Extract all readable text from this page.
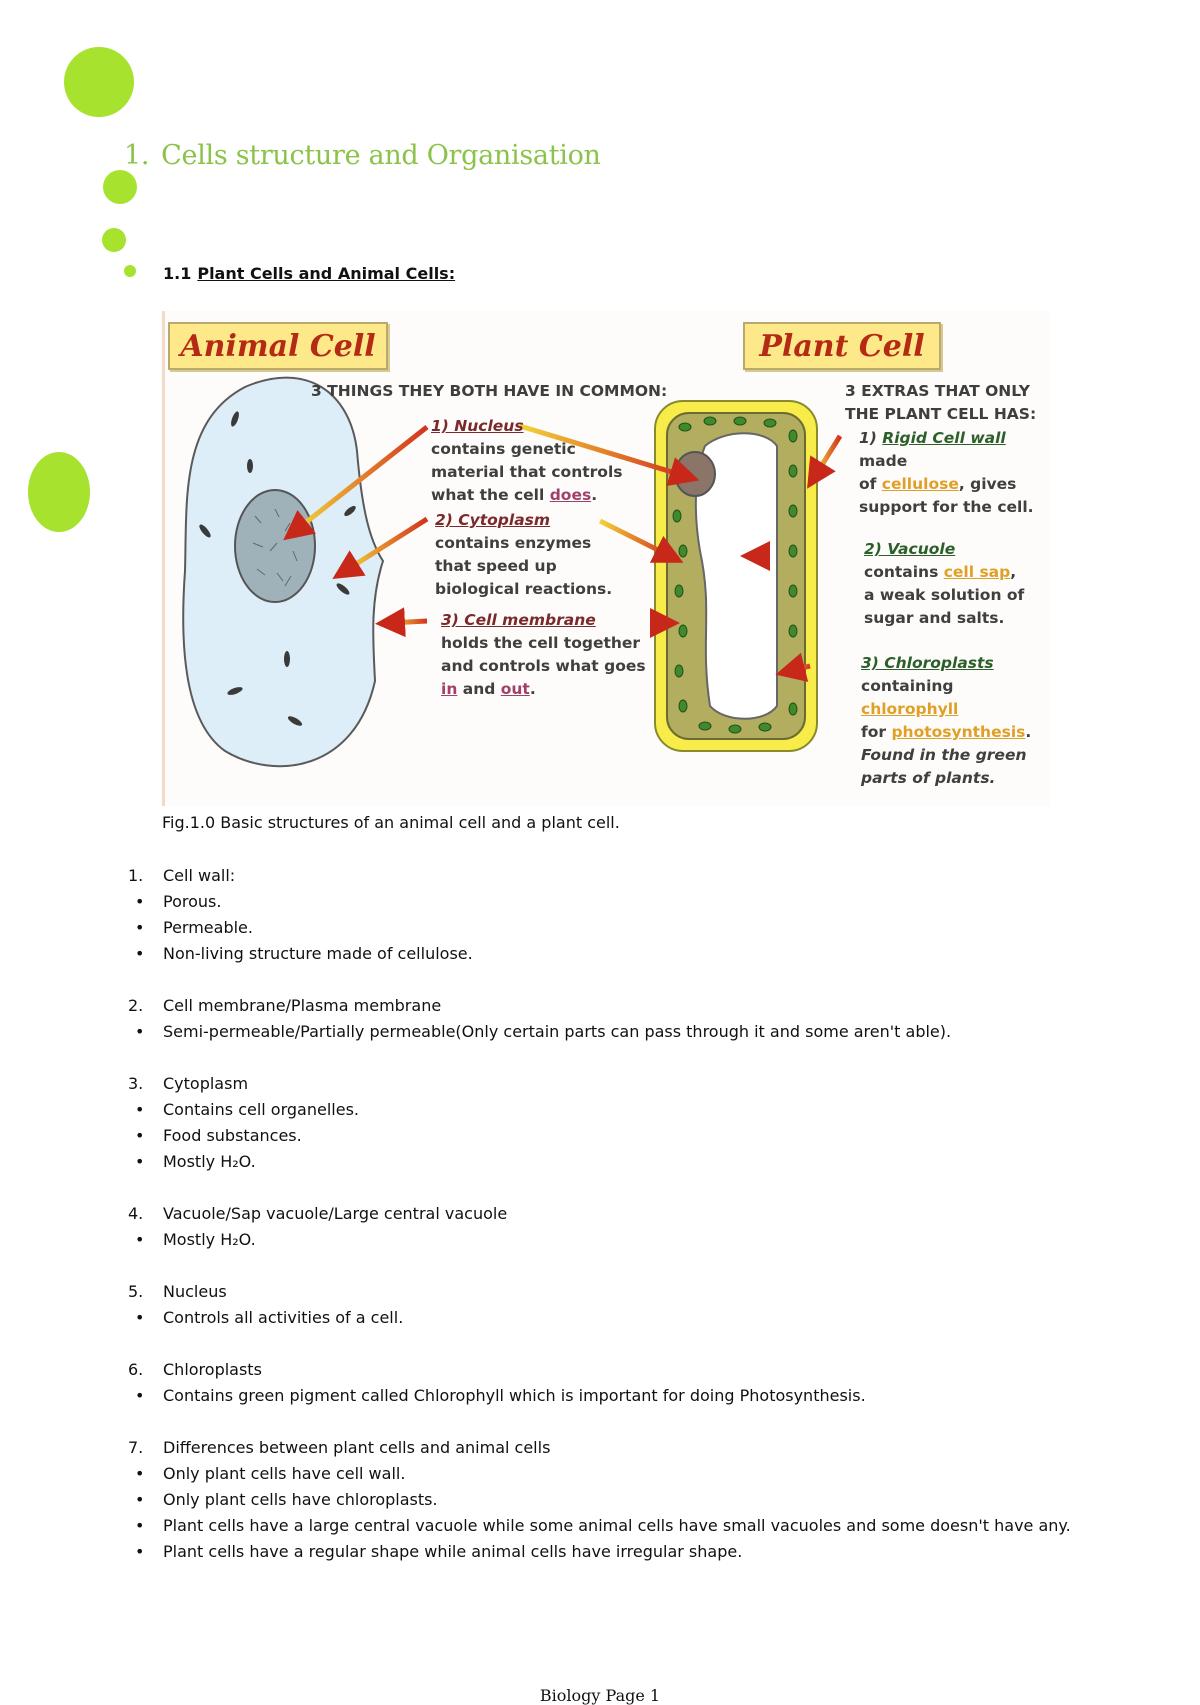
1. Cells structure and Organisation
1.1 Plant Cells and Animal Cells:
Animal Cell	Plant Cell
3 THINGS THEY BOTH HAVE IN COMMON:	3 EXTRAS THAT ONLY
THE PLANT CELL HAS:
1) Nucleus
contains genetic
material that controls
what the cell does.
2) Cytoplasm
contains enzymes
that speed up
biological reactions.
3) Cell membrane
holds the cell together
and controls what goes
in and out.
1) Rigid Cell wall made
of cellulose, gives
support for the cell.
2) Vacuole
contains cell sap,
a weak solution of
sugar and salts.
3) Chloroplasts
containing chlorophyll
for photosynthesis.
Found in the green
parts of plants.
Fig.1.0 Basic structures of an animal cell and a plant cell.
1.	Cell wall:
•	Porous.
•	Permeable.
•	Non-living structure made of cellulose.
2.	Cell membrane/Plasma membrane
•	Semi-permeable/Partially permeable(Only certain parts can pass through it and some aren't able).
3.	Cytoplasm
•	Contains cell organelles.
•	Food substances.
•	Mostly H₂O.
4.	Vacuole/Sap vacuole/Large central vacuole
•	Mostly H₂O.
5.	Nucleus
•	Controls all activities of a cell.
6.	Chloroplasts
•	Contains green pigment called Chlorophyll which is important for doing Photosynthesis.
7.	Differences between plant cells and animal cells
•	Only plant cells have cell wall.
•	Only plant cells have chloroplasts.
•	Plant cells have a large central vacuole while some animal cells have small vacuoles and some doesn't have any.
•	Plant cells have a regular shape while animal cells have irregular shape.
Biology Page 1
